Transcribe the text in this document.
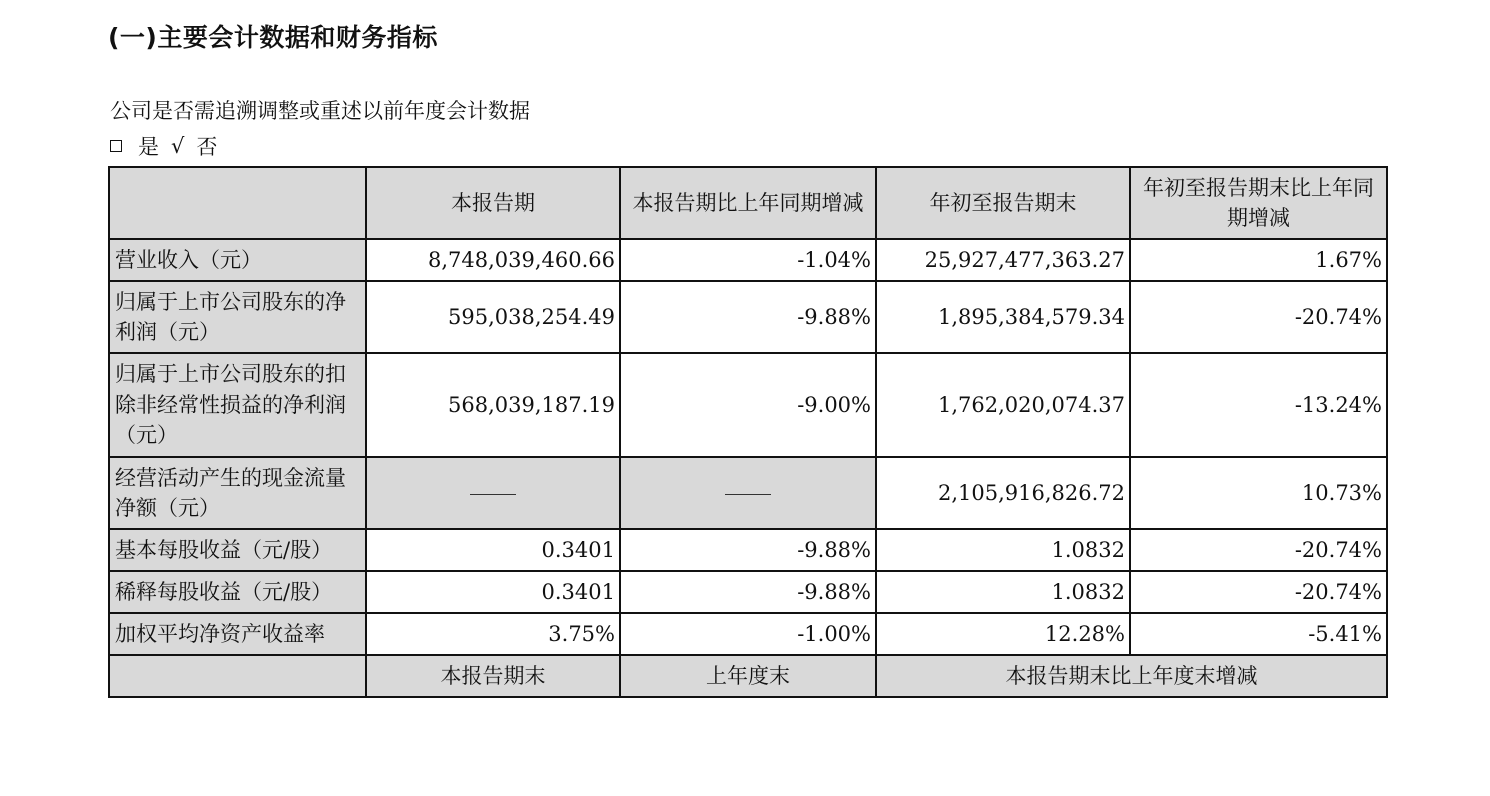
(一)主要会计数据和财务指标
公司是否需追溯调整或重述以前年度会计数据
是 √ 否
	本报告期	本报告期比上年同期增减	年初至报告期末	年初至报告期末比上年同期增减
营业收入（元）	8,748,039,460.66	-1.04%	25,927,477,363.27	1.67%
归属于上市公司股东的净利润（元）	595,038,254.49	-9.88%	1,895,384,579.34	-20.74%
归属于上市公司股东的扣除非经常性损益的净利润（元）	568,039,187.19	-9.00%	1,762,020,074.37	-13.24%
经营活动产生的现金流量净额（元）			2,105,916,826.72	10.73%
基本每股收益（元/股）	0.3401	-9.88%	1.0832	-20.74%
稀释每股收益（元/股）	0.3401	-9.88%	1.0832	-20.74%
加权平均净资产收益率	3.75%	-1.00%	12.28%	-5.41%
	本报告期末	上年度末	本报告期末比上年度末增减	
